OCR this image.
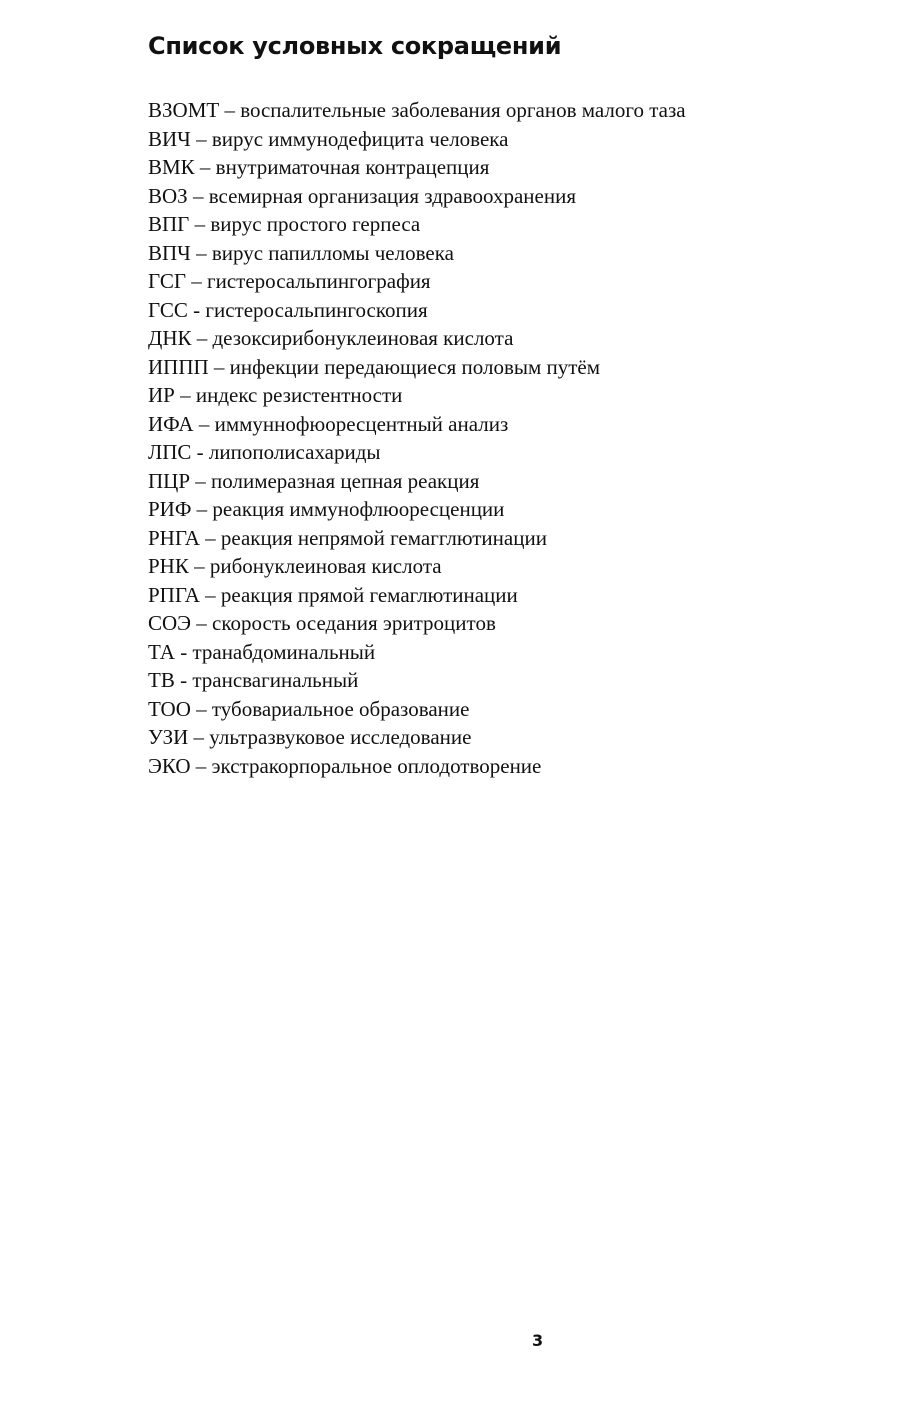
Список условных сокращений
ВЗОМТ – воспалительные заболевания органов малого таза
ВИЧ – вирус иммунодефицита человека
ВМК – внутриматочная контрацепция
ВОЗ – всемирная организация здравоохранения
ВПГ – вирус простого герпеса
ВПЧ – вирус папилломы человека
ГСГ – гистеросальпингография
ГСС - гистеросальпингоскопия
ДНК – дезоксирибонуклеиновая кислота
ИППП – инфекции передающиеся половым путём
ИР – индекс резистентности
ИФА – иммуннофюоресцентный анализ
ЛПС - липополисахариды
ПЦР – полимеразная цепная реакция
РИФ – реакция иммунофлюоресценции
РНГА – реакция непрямой гемагглютинации
РНК – рибонуклеиновая кислота
РПГА – реакция прямой гемаглютинации
СОЭ – скорость оседания эритроцитов
ТА - транабдоминальный
ТВ - трансвагинальный
ТОО – тубовариальное образование
УЗИ – ультразвуковое исследование
ЭКО – экстракорпоральное оплодотворение
3
